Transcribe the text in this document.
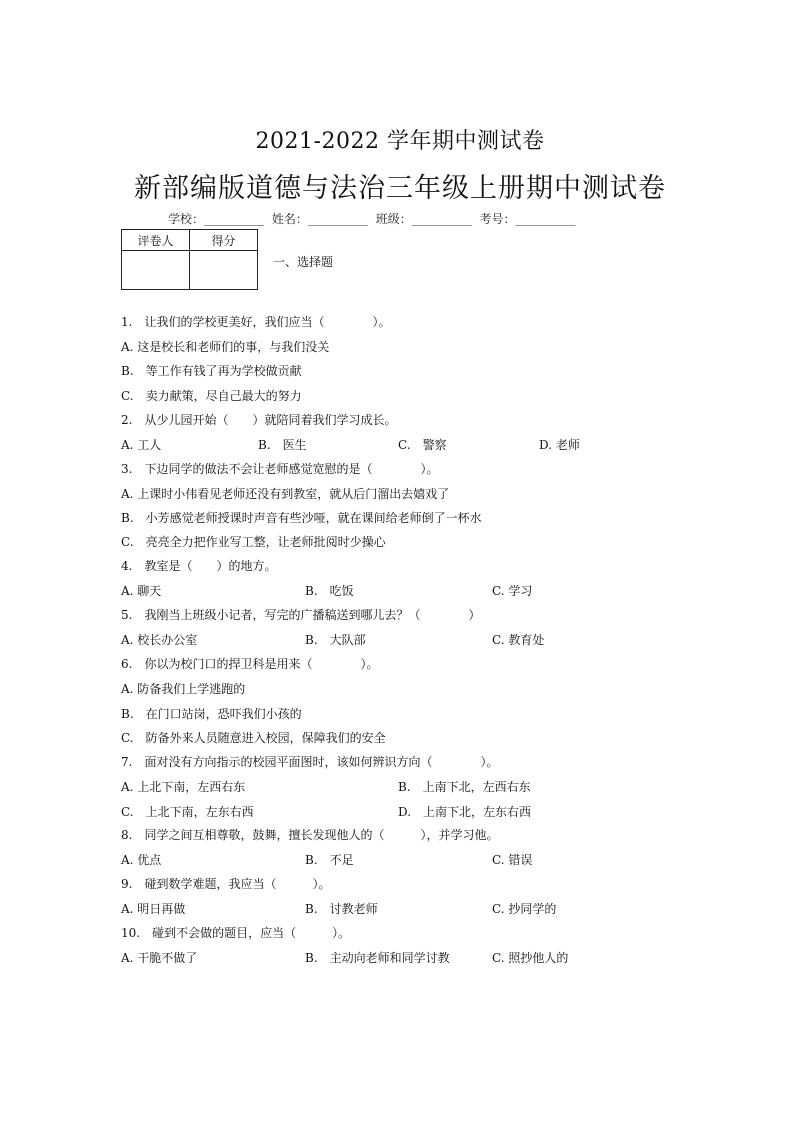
2021-2022 学年期中测试卷
新部编版道德与法治三年级上册期中测试卷
学校：__________ 姓名：__________ 班级：__________ 考号：__________
评卷人	得分

一、选择题
1.　让我们的学校更美好，我们应当（　　　　）。
A. 这是校长和老师们的事，与我们没关
B.　等工作有钱了再为学校做贡献
C.　卖力献策，尽自己最大的努力
2.　从少儿园开始（　　）就陪同着我们学习成长。
A. 工人	B.　医生	C.　警察	D. 老师
3.　下边同学的做法不会让老师感觉宽慰的是（　　　　）。
A. 上课时小伟看见老师还没有到教室，就从后门溜出去嬉戏了
B.　小芳感觉老师授课时声音有些沙哑，就在课间给老师倒了一杯水
C.　亮亮全力把作业写工整，让老师批阅时少操心
4.　教室是（　　）的地方。
A. 聊天	B.　吃饭	C. 学习
5.　我刚当上班级小记者，写完的广播稿送到哪儿去？（　　　　）
A. 校长办公室	B.　大队部	C. 教育处
6.　你以为校门口的捍卫科是用来（　　　　）。
A. 防备我们上学逃跑的
B.　在门口站岗，恐吓我们小孩的
C.　防备外来人员随意进入校园，保障我们的安全
7.　面对没有方向指示的校园平面图时，该如何辨识方向（　　　　）。
A. 上北下南，左西右东	B.　上南下北，左西右东
C.　上北下南，左东右西	D.　上南下北，左东右西
8.　同学之间互相尊敬，鼓舞，擅长发现他人的（　　　），并学习他。
A. 优点	B.　不足	C. 错误
9.　碰到数学难题，我应当（　　　）。
A. 明日再做	B.　讨教老师	C. 抄同学的
10.　碰到不会做的题目，应当（　　　）。
A. 干脆不做了	B.　主动向老师和同学讨教	C. 照抄他人的
